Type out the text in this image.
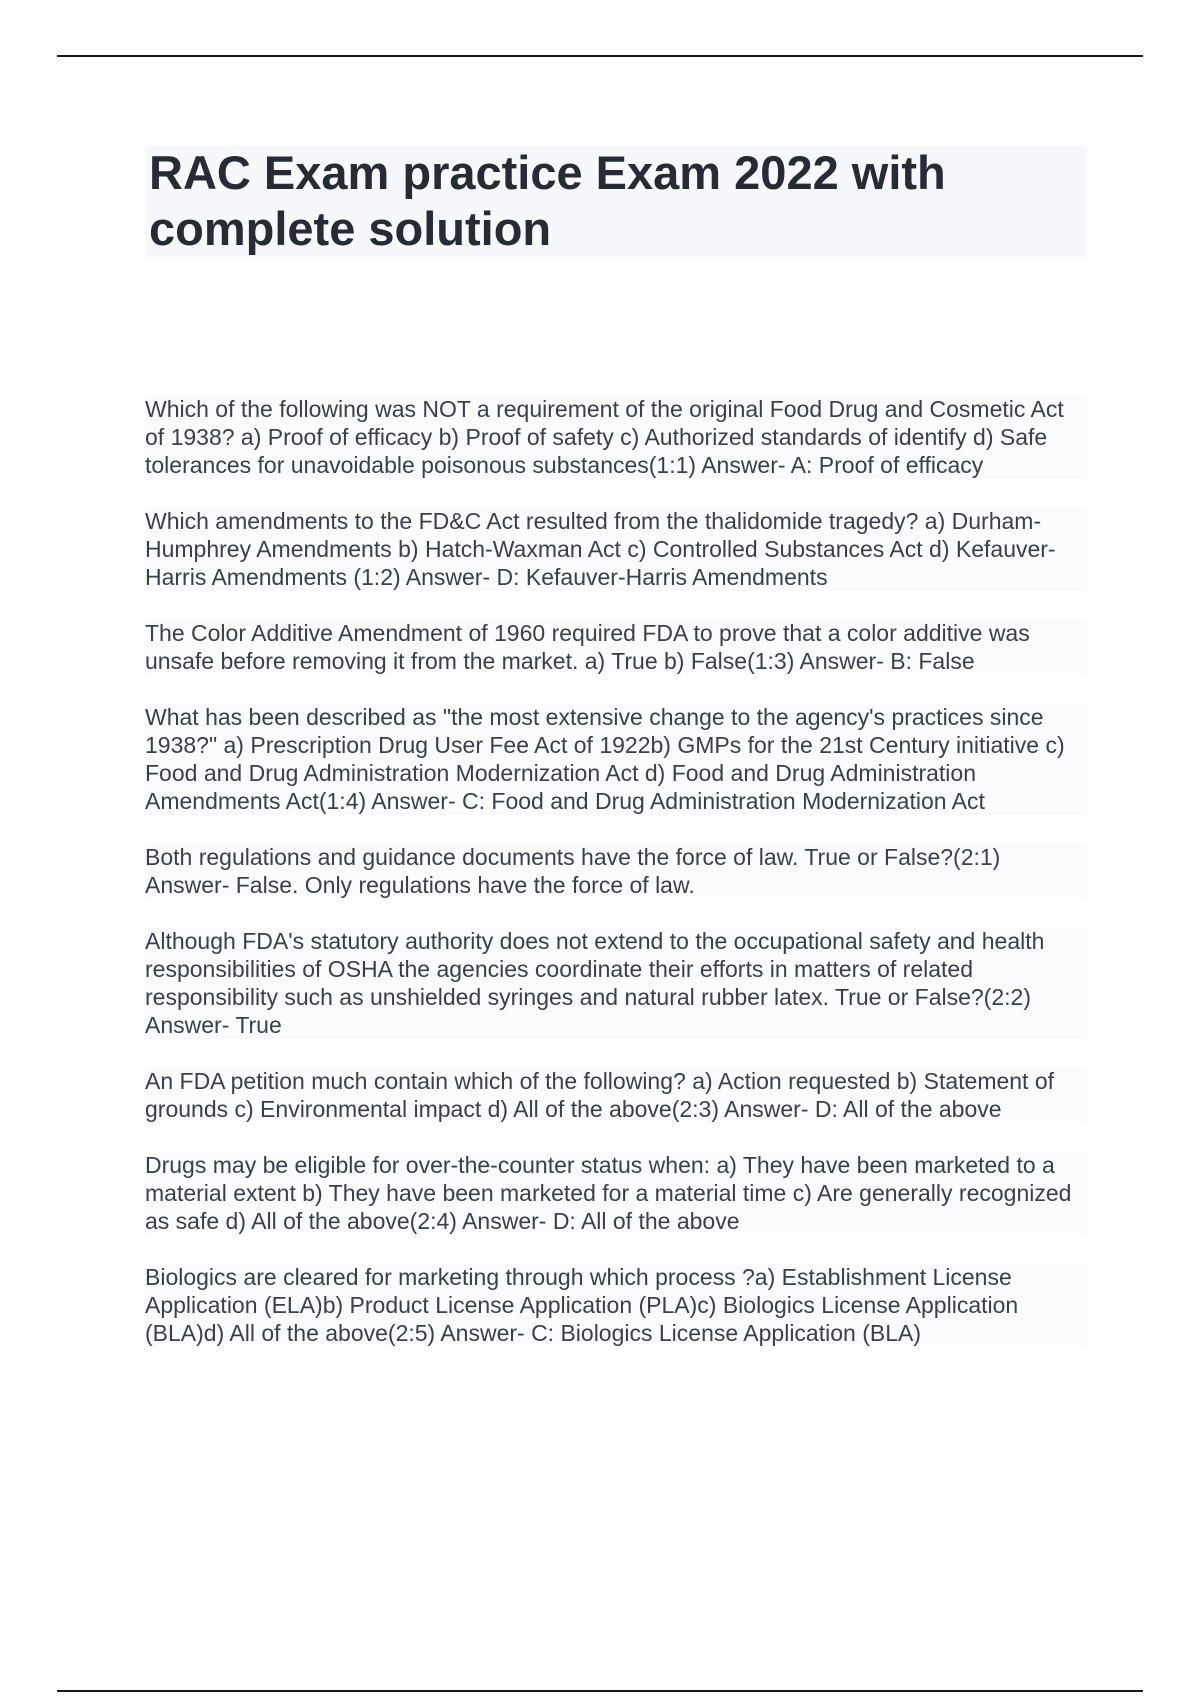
RAC Exam practice Exam 2022 with complete solution

Which of the following was NOT a requirement of the original Food Drug and Cosmetic Act of 1938? a) Proof of efficacy b) Proof of safety c) Authorized standards of identify d) Safe tolerances for unavoidable poisonous substances(1:1) Answer- A: Proof of efficacy

Which amendments to the FD&C Act resulted from the thalidomide tragedy? a) Durham-Humphrey Amendments b) Hatch-Waxman Act c) Controlled Substances Act d) Kefauver-Harris Amendments (1:2) Answer- D: Kefauver-Harris Amendments

The Color Additive Amendment of 1960 required FDA to prove that a color additive was unsafe before removing it from the market. a) True b) False(1:3) Answer- B: False

What has been described as "the most extensive change to the agency's practices since 1938?" a) Prescription Drug User Fee Act of 1922b) GMPs for the 21st Century initiative c) Food and Drug Administration Modernization Act d) Food and Drug Administration Amendments Act(1:4) Answer- C: Food and Drug Administration Modernization Act

Both regulations and guidance documents have the force of law. True or False?(2:1) Answer- False. Only regulations have the force of law.

Although FDA's statutory authority does not extend to the occupational safety and health responsibilities of OSHA the agencies coordinate their efforts in matters of related responsibility such as unshielded syringes and natural rubber latex. True or False?(2:2) Answer- True

An FDA petition much contain which of the following? a) Action requested b) Statement of grounds c) Environmental impact d) All of the above(2:3) Answer- D: All of the above

Drugs may be eligible for over-the-counter status when: a) They have been marketed to a material extent b) They have been marketed for a material time c) Are generally recognized as safe d) All of the above(2:4) Answer- D: All of the above

Biologics are cleared for marketing through which process ?a) Establishment License Application (ELA)b) Product License Application (PLA)c) Biologics License Application (BLA)d) All of the above(2:5) Answer- C: Biologics License Application (BLA)
